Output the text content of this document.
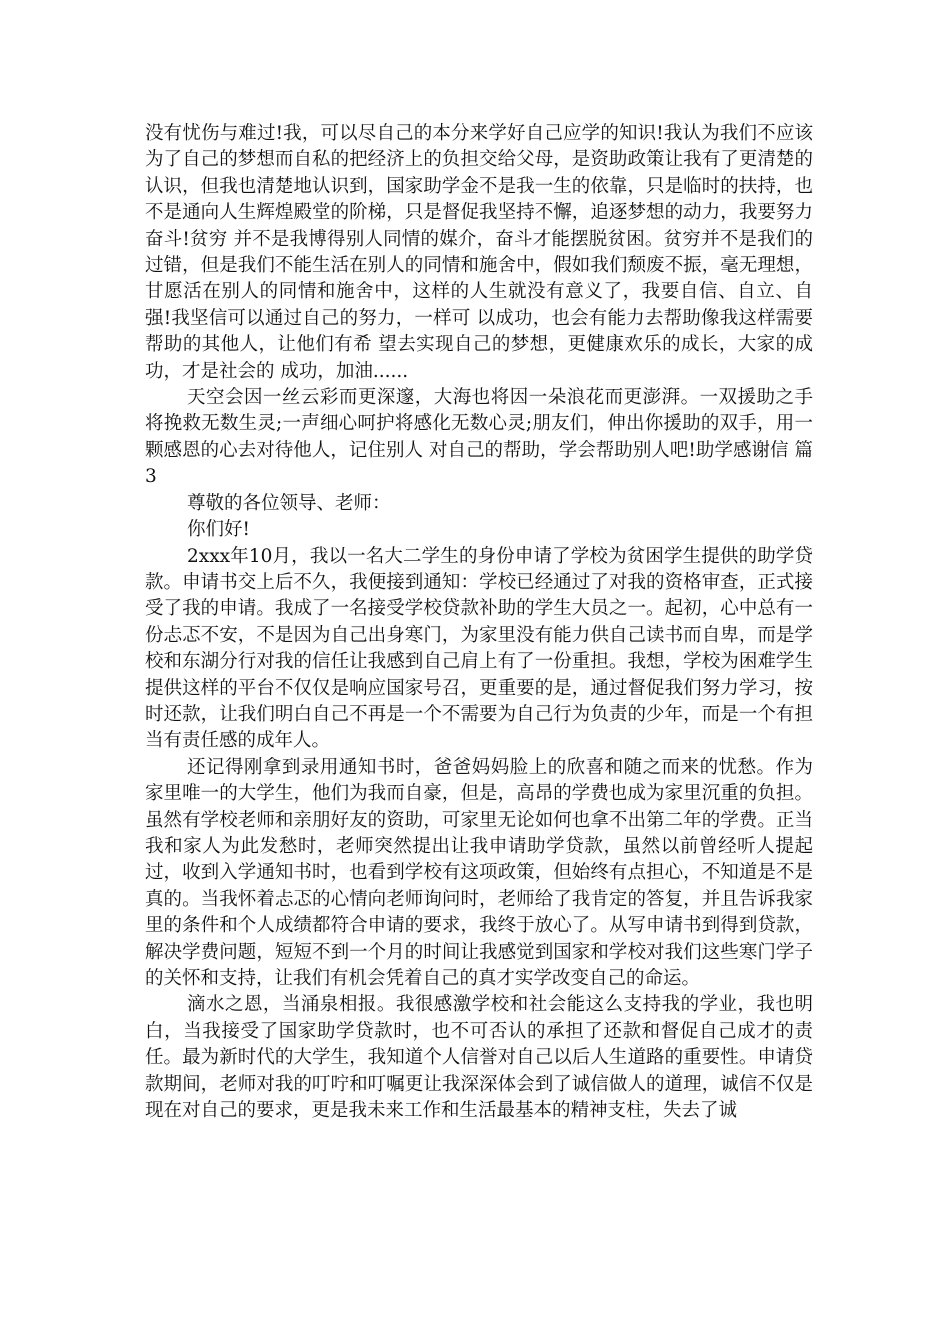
没有忧伤与难过!我，可以尽自己的本分来学好自己应学的知识!我认为我们不应该为了自己的梦想而自私的把经济上的负担交给父母，是资助政策让我有了更清楚的认识，但我也清楚地认识到，国家助学金不是我一生的依靠，只是临时的扶持，也不是通向人生辉煌殿堂的阶梯，只是督促我坚持不懈，追逐梦想的动力，我要努力奋斗!贫穷 并不是我博得别人同情的媒介，奋斗才能摆脱贫困。贫穷并不是我们的过错，但是我们不能生活在别人的同情和施舍中，假如我们颓废不振，毫无理想，甘愿活在别人的同情和施舍中，这样的人生就没有意义了，我要自信、自立、自强!我坚信可以通过自己的努力，一样可 以成功，也会有能力去帮助像我这样需要帮助的其他人，让他们有希 望去实现自己的梦想，更健康欢乐的成长，大家的成功，才是社会的 成功，加油......

天空会因一丝云彩而更深邃，大海也将因一朵浪花而更澎湃。一双援助之手将挽救无数生灵;一声细心呵护将感化无数心灵;朋友们，伸出你援助的双手，用一颗感恩的心去对待他人，记住别人 对自己的帮助，学会帮助别人吧!助学感谢信 篇3

尊敬的各位领导、老师：

你们好!

2xxx年10月，我以一名大二学生的身份申请了学校为贫困学生提供的助学贷款。申请书交上后不久，我便接到通知：学校已经通过了对我的资格审查，正式接受了我的申请。我成了一名接受学校贷款补助的学生大员之一。起初，心中总有一份忐忑不安，不是因为自己出身寒门，为家里没有能力供自己读书而自卑，而是学校和东湖分行对我的信任让我感到自己肩上有了一份重担。我想，学校为困难学生提供这样的平台不仅仅是响应国家号召，更重要的是，通过督促我们努力学习，按时还款，让我们明白自己不再是一个不需要为自己行为负责的少年，而是一个有担当有责任感的成年人。

还记得刚拿到录用通知书时，爸爸妈妈脸上的欣喜和随之而来的忧愁。作为家里唯一的大学生，他们为我而自豪，但是，高昂的学费也成为家里沉重的负担。虽然有学校老师和亲朋好友的资助，可家里无论如何也拿不出第二年的学费。正当我和家人为此发愁时，老师突然提出让我申请助学贷款，虽然以前曾经听人提起过，收到入学通知书时，也看到学校有这项政策，但始终有点担心，不知道是不是真的。当我怀着忐忑的心情向老师询问时，老师给了我肯定的答复，并且告诉我家里的条件和个人成绩都符合申请的要求，我终于放心了。从写申请书到得到贷款，解决学费问题，短短不到一个月的时间让我感觉到国家和学校对我们这些寒门学子的关怀和支持，让我们有机会凭着自己的真才实学改变自己的命运。

滴水之恩，当涌泉相报。我很感激学校和社会能这么支持我的学业，我也明白，当我接受了国家助学贷款时，也不可否认的承担了还款和督促自己成才的责任。最为新时代的大学生，我知道个人信誉对自己以后人生道路的重要性。申请贷款期间，老师对我的叮咛和叮嘱更让我深深体会到了诚信做人的道理，诚信不仅是现在对自己的要求，更是我未来工作和生活最基本的精神支柱，失去了诚
